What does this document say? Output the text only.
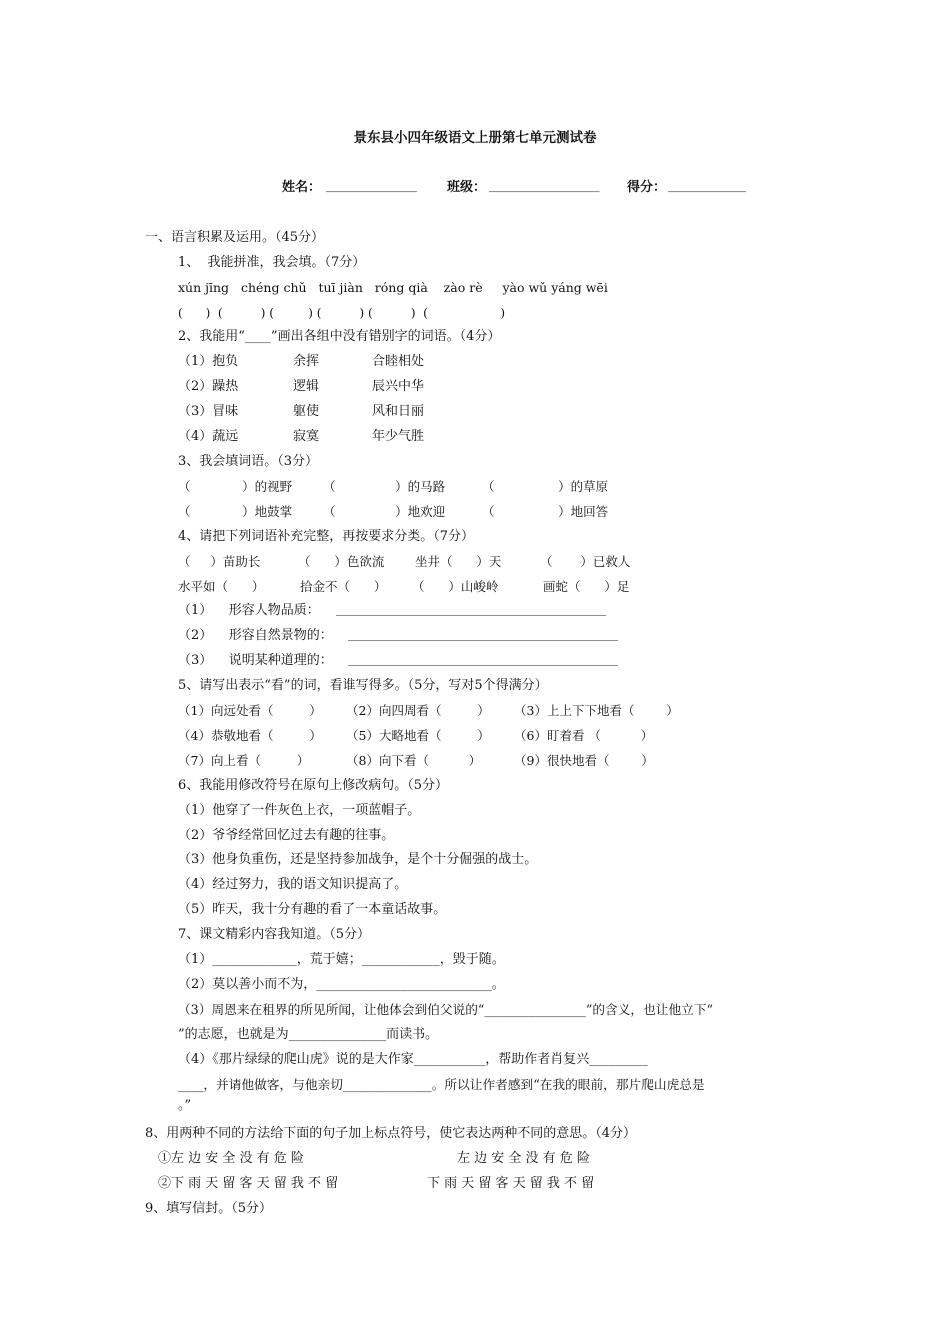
景东县小四年级语文上册第七单元测试卷
姓名： ______________ 班级： _________________ 得分： ____________
一、语言积累及运用。（45分）
1、  我能拼准，我会填。（7分）
xún jīng   chéng chǔ   tuī jiàn   róng qià    zào rè     yào wǔ yáng wēi
(      )  (          ) (         ) (          ) (          )  (                   )
2、我能用“____”画出各组中没有错别字的词语。（4分）
（1）抱负	余挥	合睦相处
（2）躁热	逻辑	辰兴中华
（3）冒味	躯使	风和日丽
（4）蔬远	寂寞	年少气胜
3、我会填词语。（3分）
（             ）的视野 （               ）的马路	（                ）的草原
（             ）地鼓掌 （               ）地欢迎	（                ）地回答
4、请把下列词语补充完整，再按要求分类。（7分）
（     ）苗助长	（      ）色欲流 坐井（      ）天	（       ）已救人
水平如（      ）	拾金不（      ） （      ）山峻岭	画蛇（      ）足
（1）    形容人物品质： _____________________________________________
（2）    形容自然景物的： _____________________________________________
（3）    说明某种道理的： _____________________________________________
5、请写出表示“看”的词，看谁写得多。（5分，写对5个得满分）
（1）向远处看（         ） （2）向四周看（         ） （3）上上下下地看（        ）
（4）恭敬地看（         ） （5）大略地看（         ） （6）盯着看 （          ）
（7）向上看（         ）	（8）向下看（          ）	（9）很快地看（        ）
6、我能用修改符号在原句上修改病句。（5分）
（1）他穿了一件灰色上衣，一项蓝帽子。
（2）爷爷经常回忆过去有趣的往事。
（3）他身负重伤，还是坚持参加战争，是个十分倔强的战士。
（4）经过努力，我的语文知识提高了。
（5）昨天，我十分有趣的看了一本童话故事。
7、课文精彩内容我知道。（5分）
（1）_____________，荒于嬉；____________，毁于随。
（2）莫以善小而不为，___________________________。
（3）周恩来在租界的所见所闻，让他体会到伯父说的“________________”的含义，也让他立下“
”的志愿，也就是为_______________而读书。
（4）《那片绿绿的爬山虎》说的是大作家___________，帮助作者肖复兴_________
____，并请他做客，与他亲切______________。所以让作者感到“在我的眼前，那片爬山虎总是
。”
8、用两种不同的方法给下面的句子加上标点符号，使它表达两种不同的意思。（4分）
①左 边 安 全 没 有 危 险	左 边 安 全 没 有 危 险
②下 雨 天 留 客 天 留 我 不 留	下 雨 天 留 客 天 留 我 不 留
9、填写信封。（5分）
